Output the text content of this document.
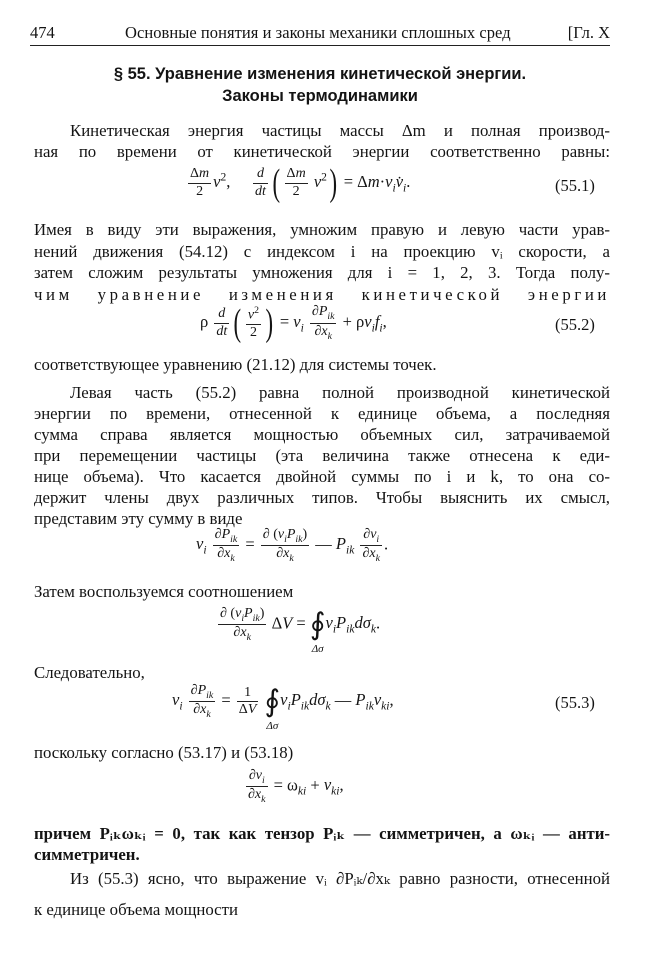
474	Основные понятия и законы механики сплошных сред	[Гл. X
§ 55. Уравнение изменения кинетической энергии.
Законы термодинамики
Кинетическая энергия частицы массы Δm и полная производ-
ная по времени от кинетической энергии соответственно равны:
$\frac{\Delta m}{2} v^2$, $\frac{d}{dt}$ ( $\frac{\Delta m}{2} v^2$) = $\Delta m\cdot v_iv̇_i$.	(55.1)
Имея в виду эти выражения, умножим правую и левую части урав-
нений движения (54.12) с индексом i на проекцию vᵢ скорости, а
затем сложим результаты умножения для i = 1, 2, 3. Тогда полу-
чим уравнение изменения кинетической энергии
ρ $\frac{d}{dt}$ ( $\frac{v^2}{2}$ ) = $v_i \frac{\partial P_{ik}}{\partial x_k} + \rho v_if_i$,	(55.2)
соответствующее уравнению (21.12) для системы точек.
Левая часть (55.2) равна полной производной кинетической
энергии по времени, отнесенной к единице объема, а последняя
сумма справа является мощностью объемных сил, затрачиваемой
при перемещении частицы (эта величина также отнесена к еди-
нице объема). Что касается двойной суммы по i и k, то она со-
держит члены двух различных типов. Чтобы выяснить их смысл,
представим эту сумму в виде
$v_i \frac{\partial P_{ik}}{\partial x_k} = \frac{\partial (v_iP_{ik})}{\partial x_k}$ — $P_{ik} \frac{\partial v_i}{\partial x_k}$ .
Затем воспользуемся соотношением
$\frac{\partial (v_iP_{ik})}{\partial x_k}$ ΔV = ∮
Δσ
$v_iP_{ik}d\sigma_k$.
Следовательно,
$v_i \frac{\partial P_{ik}}{\partial x_k} = \frac{1}{\Delta V}$
∮
Δσ
$v_iP_{ik}d\sigma_k$ — $P_{ik}v_{ki}$,	(55.3)
поскольку согласно (53.17) и (53.18)
$\frac{\partial v_i}{\partial x_k} = \omega_{ki} + v_{ki}$,
причем Pᵢₖωₖᵢ = 0, так как тензор Pᵢₖ — симметричен, а ωₖᵢ — анти-
симметричен.
Из (55.3) ясно, что выражение vᵢ ∂Pᵢₖ/∂xₖ равно разности, отнесенной
к единице объема мощности
